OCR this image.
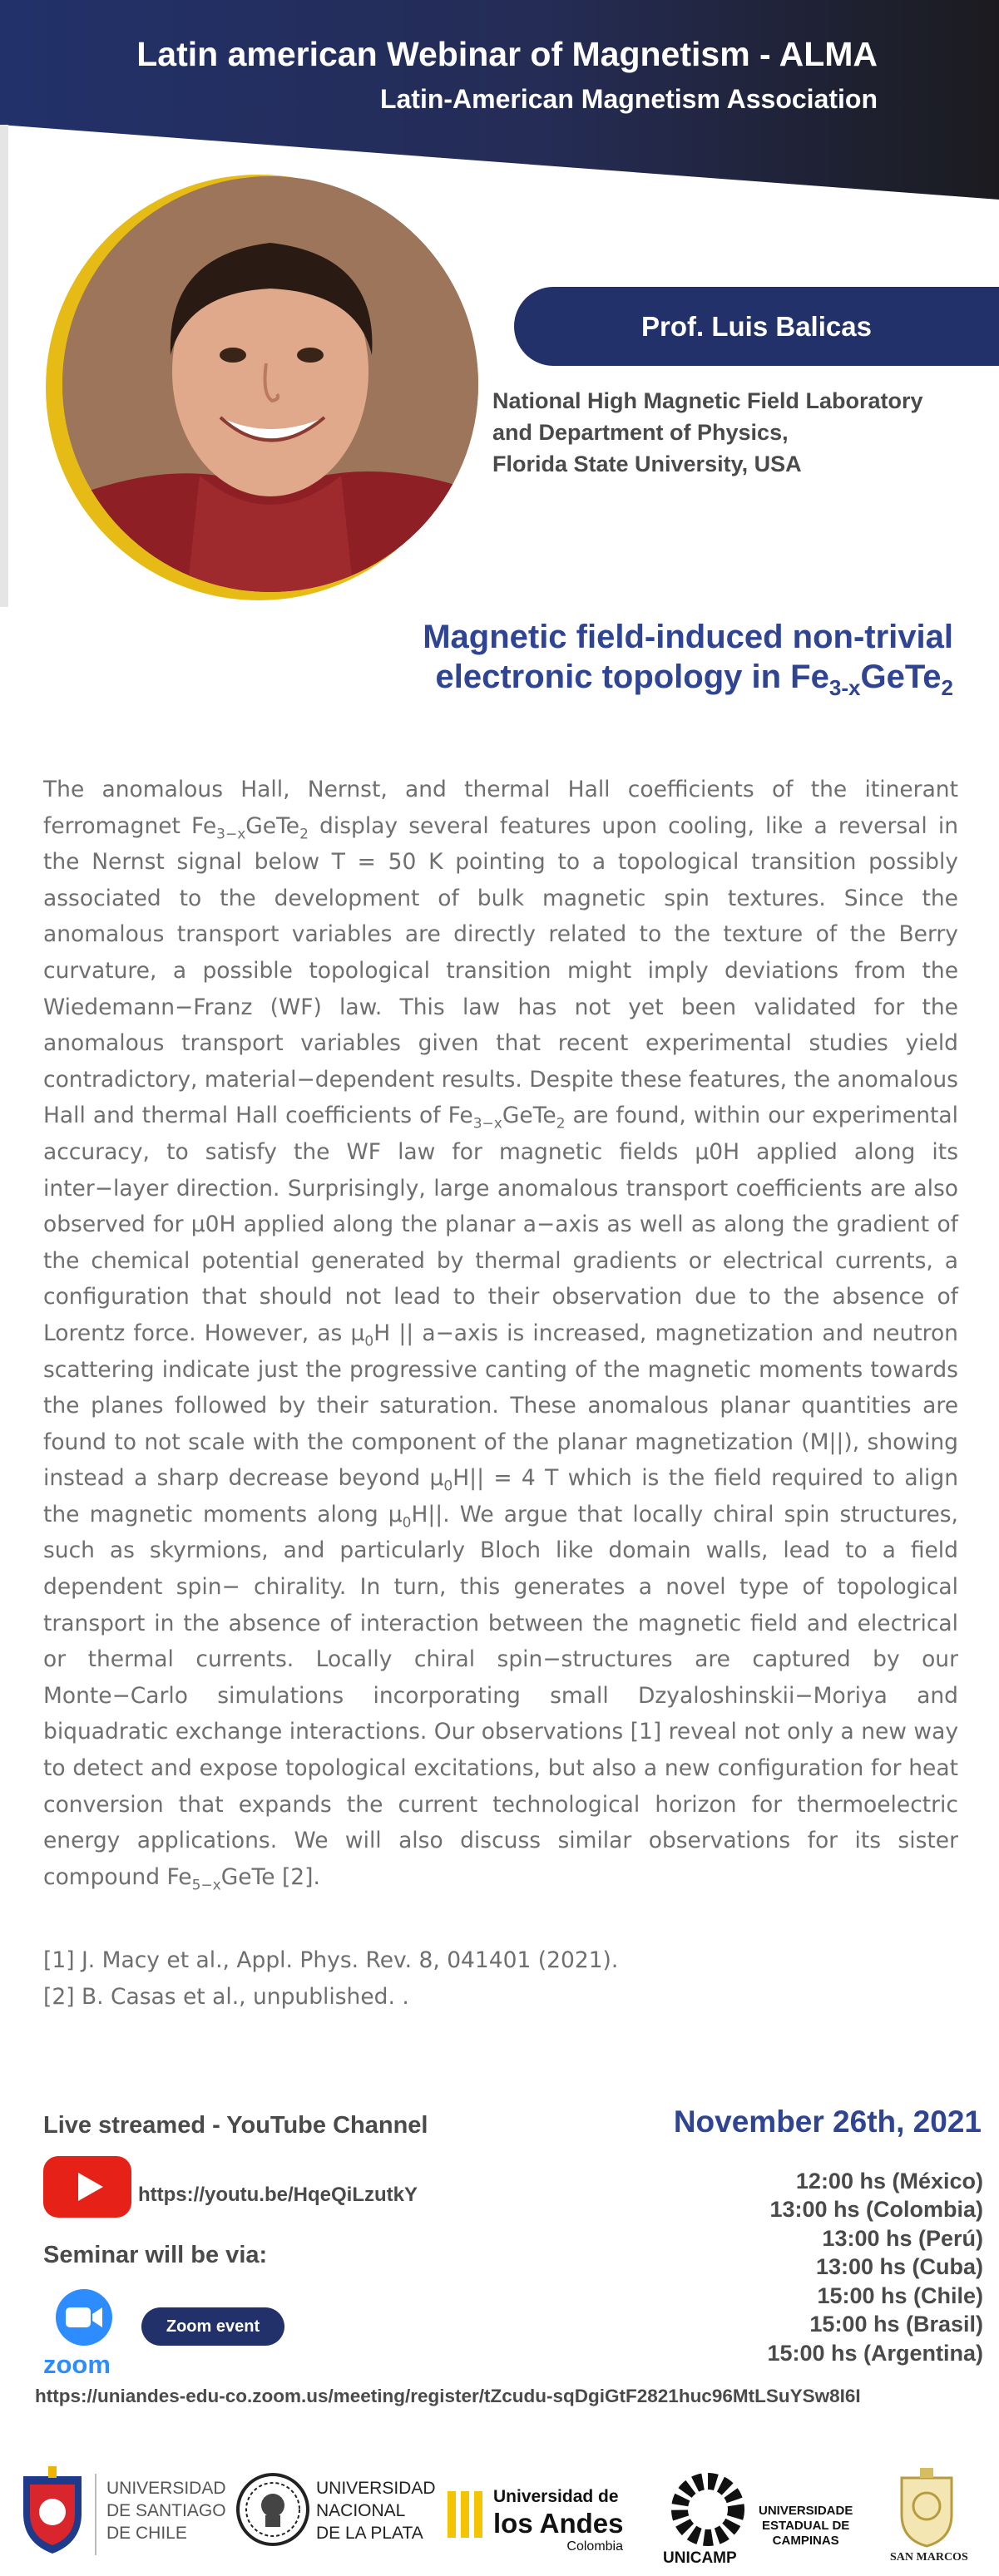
Latin american Webinar of Magnetism - ALMA
Latin-American Magnetism Association
Prof. Luis Balicas
National High Magnetic Field Laboratory
and Department of Physics,
Florida State University, USA
Magnetic field-induced non-trivial
electronic topology in $Fe_{3-x}GeTe_2$
The anomalous Hall, Nernst, and thermal Hall coefficients of the itinerant ferromagnet $Fe_{3-x}GeTe_2$ display several features upon cooling, like a reversal in the Nernst signal below T = 50 K pointing to a topological transition possibly associated to the development of bulk magnetic spin textures. Since the anomalous transport variables are directly related to the texture of the Berry curvature, a possible topological transition might imply deviations from the Wiedemann−Franz (WF) law. This law has not yet been validated for the anomalous transport variables given that recent experimental studies yield contradictory, material−dependent results. Despite these features, the anomalous Hall and thermal Hall coefficients of $Fe_{3-x}GeTe_2$ are found, within our experimental accuracy, to satisfy the WF law for magnetic fields μ0H applied along its inter−layer direction. Surprisingly, large anomalous transport coefficients are also observed for μ0H applied along the planar a−axis as well as along the gradient of the chemical potential generated by thermal gradients or electrical currents, a configuration that should not lead to their observation due to the absence of Lorentz force. However, as $\mu_0H$ || a−axis is increased, magnetization and neutron scattering indicate just the progressive canting of the magnetic moments towards the planes followed by their saturation. These anomalous planar quantities are found to not scale with the component of the planar magnetization (M||), showing instead a sharp decrease beyond $\mu_0H|| = 4$ T which is the field required to align the magnetic moments along $\mu_0H||$. We argue that locally chiral spin structures, such as skyrmions, and particularly Bloch like domain walls, lead to a field dependent spin− chirality. In turn, this generates a novel type of topological transport in the absence of interaction between the magnetic field and electrical or thermal currents. Locally chiral spin−structures are captured by our Monte−Carlo simulations incorporating small Dzyaloshinskii−Moriya and biquadratic exchange interactions. Our observations [1] reveal not only a new way to detect and expose topological excitations, but also a new configuration for heat conversion that expands the current technological horizon for thermoelectric energy applications. We will also discuss similar observations for its sister compound $Fe_{5-x}GeTe$ [2].
[1] J. Macy et al., Appl. Phys. Rev. 8, 041401 (2021).
[2] B. Casas et al., unpublished. .
Live streamed - YouTube Channel
https://youtu.be/HqeQiLzutkY
Seminar will be via:
zoom
Zoom event
November 26th, 2021
12:00 hs (México)
13:00 hs (Colombia)
13:00 hs (Perú)
13:00 hs (Cuba)
15:00 hs (Chile)
15:00 hs (Brasil)
15:00 hs (Argentina)
https://uniandes-edu-co.zoom.us/meeting/register/tZcudu-sqDgiGtF2821huc96MtLSuYSw8I6I
UNIVERSIDAD
DE SANTIAGO
DE CHILE
UNIVERSIDAD
NACIONAL
DE LA PLATA
Universidad de
los Andes
Colombia
UNICAMP
UNIVERSIDADE
ESTADUAL DE
CAMPINAS
SAN MARCOS
